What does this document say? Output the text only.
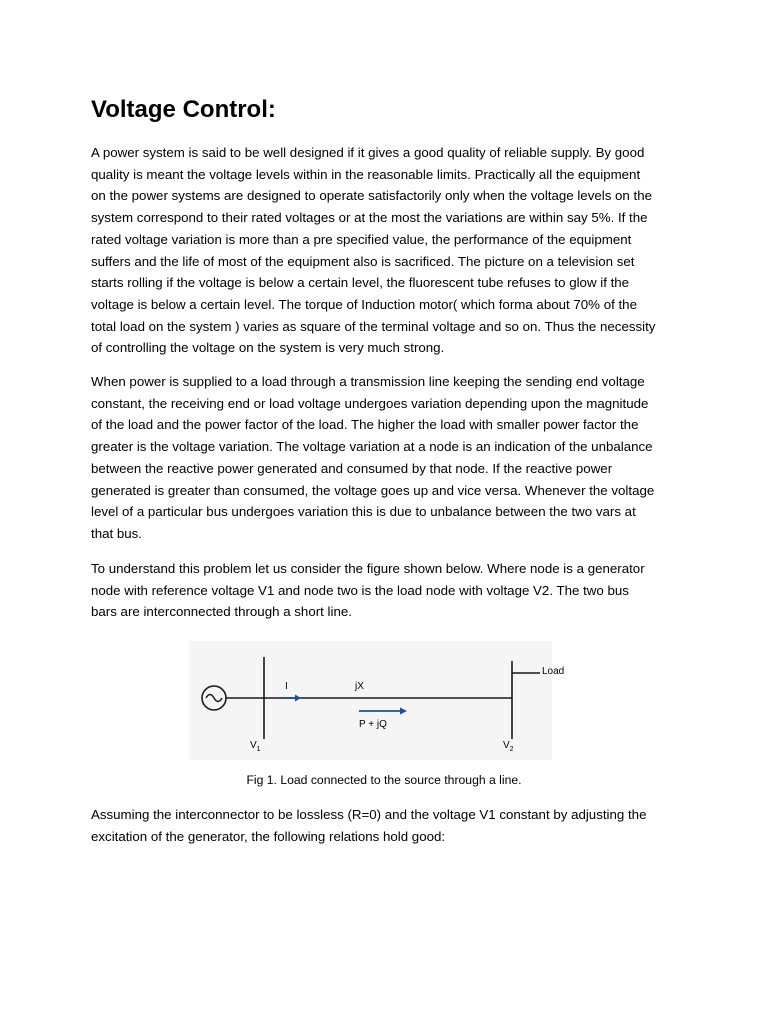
Voltage Control:

A power system is said to be well designed if it gives a good quality of reliable supply. By good
quality is meant the voltage levels within in the reasonable limits. Practically all the equipment
on the power systems are designed to operate satisfactorily only when the voltage levels on the
system correspond to their rated voltages or at the most the variations are within say 5%. If the
rated voltage variation is more than a pre specified value, the performance of the equipment
suffers and the life of most of the equipment also is sacrificed. The picture on a television set
starts rolling if the voltage is below a certain level, the fluorescent tube refuses to glow if the
voltage is below a certain level. The torque of Induction motor( which forma about 70% of the
total load on the system ) varies as square of the terminal voltage and so on. Thus the necessity
of controlling the voltage on the system is very much strong.

When power is supplied to a load through a transmission line keeping the sending end voltage
constant, the receiving end or load voltage undergoes variation depending upon the magnitude
of the load and the power factor of the load. The higher the load with smaller power factor the
greater is the voltage variation. The voltage variation at a node is an indication of the unbalance
between the reactive power generated and consumed by that node. If the reactive power
generated is greater than consumed, the voltage goes up and vice versa. Whenever the voltage
level of a particular bus undergoes variation this is due to unbalance between the two vars at
that bus.

To understand this problem let us consider the figure shown below. Where node is a generator
node with reference voltage V1 and node two is the load node with voltage V2. The two bus
bars are interconnected through a short line.

I	jX
P + jQ
Load
$V_1$	$V_2$

Fig 1. Load connected to the source through a line.

Assuming the interconnector to be lossless (R=0) and the voltage V1 constant by adjusting the
excitation of the generator, the following relations hold good:
